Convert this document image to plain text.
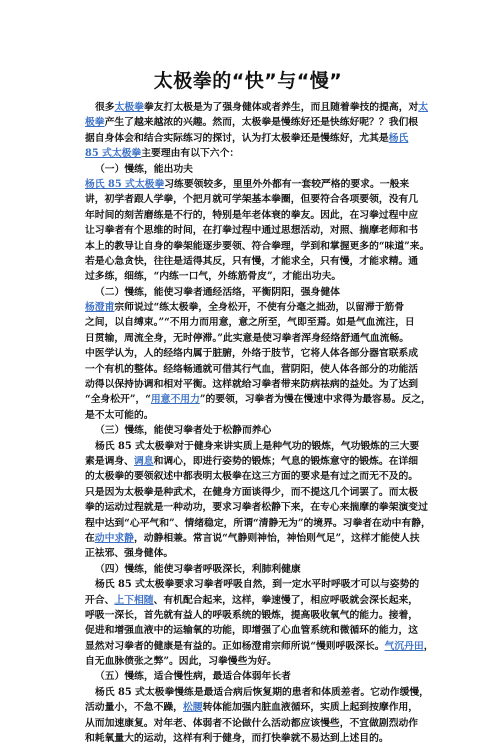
太极拳的“快”与“慢”
很多太极拳拳友打太极是为了强身健体或者养生，而且随着拳技的提高，对太
极拳产生了越来越浓的兴趣。然而，太极拳是慢练好还是快练好呢？？我们根
据自身体会和结合实际练习的探讨，认为打太极拳还是慢练好，尤其是杨氏
85 式太极拳主要理由有以下六个：
（一）慢练，能出功夫
杨氏 85 式太极拳习练要领较多，里里外外都有一套较严格的要求。一般来
讲，初学者跟人学拳，个把月就可学架基本拳圈，但要符合各项要领，没有几
年时间的刻苦磨练是不行的，特别是年老体衰的拳友。因此，在习拳过程中应
让习拳者有个思维的时间，在打拳过程中通过思想活动，对照、揣摩老师和书
本上的教导让自身的拳架能逐步要领、符合拳理，学到和掌握更多的“味道”来。
若是心急贪快，往往是适得其反，只有慢，才能求全，只有慢，才能求精。通
过多练，细练，“内练一口气，外练筋骨皮”，才能出功夫。
（二）慢练，能使习拳者通经活络，平衡阴阳，强身健体
杨澄甫宗师说过“练太极拳，全身松开，不使有分毫之拙劲，以留滞于筋骨
之间，以自缚束。”“不用力而用意，意之所至，气即至焉。如是气血流注，日
日贯输，周流全身，无时停滞。”此实意是使习拳者浑身经络舒通气血流畅。
中医学认为，人的经络内属于脏腑，外络于肢节，它将人体各部分器官联系成
一个有机的整体。经络畅通就可借其行气血，营阴阳，使人体各部分的功能活
动得以保持协调和相对平衡。这样就给习拳者带来防病祛病的益处。为了达到
“全身松开”，“用意不用力”的要领，习拳者为慢在慢速中求得为最容易。反之，
是不太可能的。
（三）慢练，能使习拳者处于松静而养心
杨氏 85 式太极拳对于健身来讲实质上是种气功的锻炼，气功锻炼的三大要
素是调身、调息和调心，即进行姿势的锻炼；气息的锻炼意守的锻炼。在详细
的太极拳的要领叙述中都表明太极拳在这三方面的要求是有过之而无不及的。
只是因为太极拳是种武术，在健身方面谈得少，而不提这几个词罢了。而太极
拳的运动过程就是一种动功，要求习拳者松静下来，在专心来揣摩的拳架演变过
程中达到“心平气和”、情绪稳定，所谓“清静无为”的境界。习拳者在动中有静，
在动中求静，动静相兼。常言说“气静则神怡，神怡则气足”，这样才能使人扶
正祛邪、强身健体。
（四）慢练，能使习拳者呼吸深长，利肺利健康
杨氏 85 式太极拳要求习拳者呼吸自然，到一定水平时呼吸才可以与姿势的
开合、上下相随、有机配合起来，这样，拳速慢了，相应呼吸就会深长起来，
呼吸一深长，首先就有益人的呼吸系统的锻炼，提高吸收氧气的能力。接着，
促进和增强血液中的运输氧的功能，即增强了心血管系统和微循环的能力，这
显然对习拳者的健康是有益的。正如杨澄甫宗师所说“慢则呼吸深长。气沉丹田，
自无血脉偾张之弊”。因此，习拳慢些为好。
（五）慢练，适合慢性病，最适合体弱年长者
杨氏 85 式太极拳慢练是最适合病后恢复期的患者和体质差者。它动作缓慢，
活动量小，不急不躁，松腰转体能加强内脏血液循环，实质上起到按摩作用，
从而加速康复。对年老、体弱者不论做什么活动都应该慢些，不宜做剧烈动作
和耗氧量大的运动，这样有利于健身，而打快拳就不易达到上述目的。
